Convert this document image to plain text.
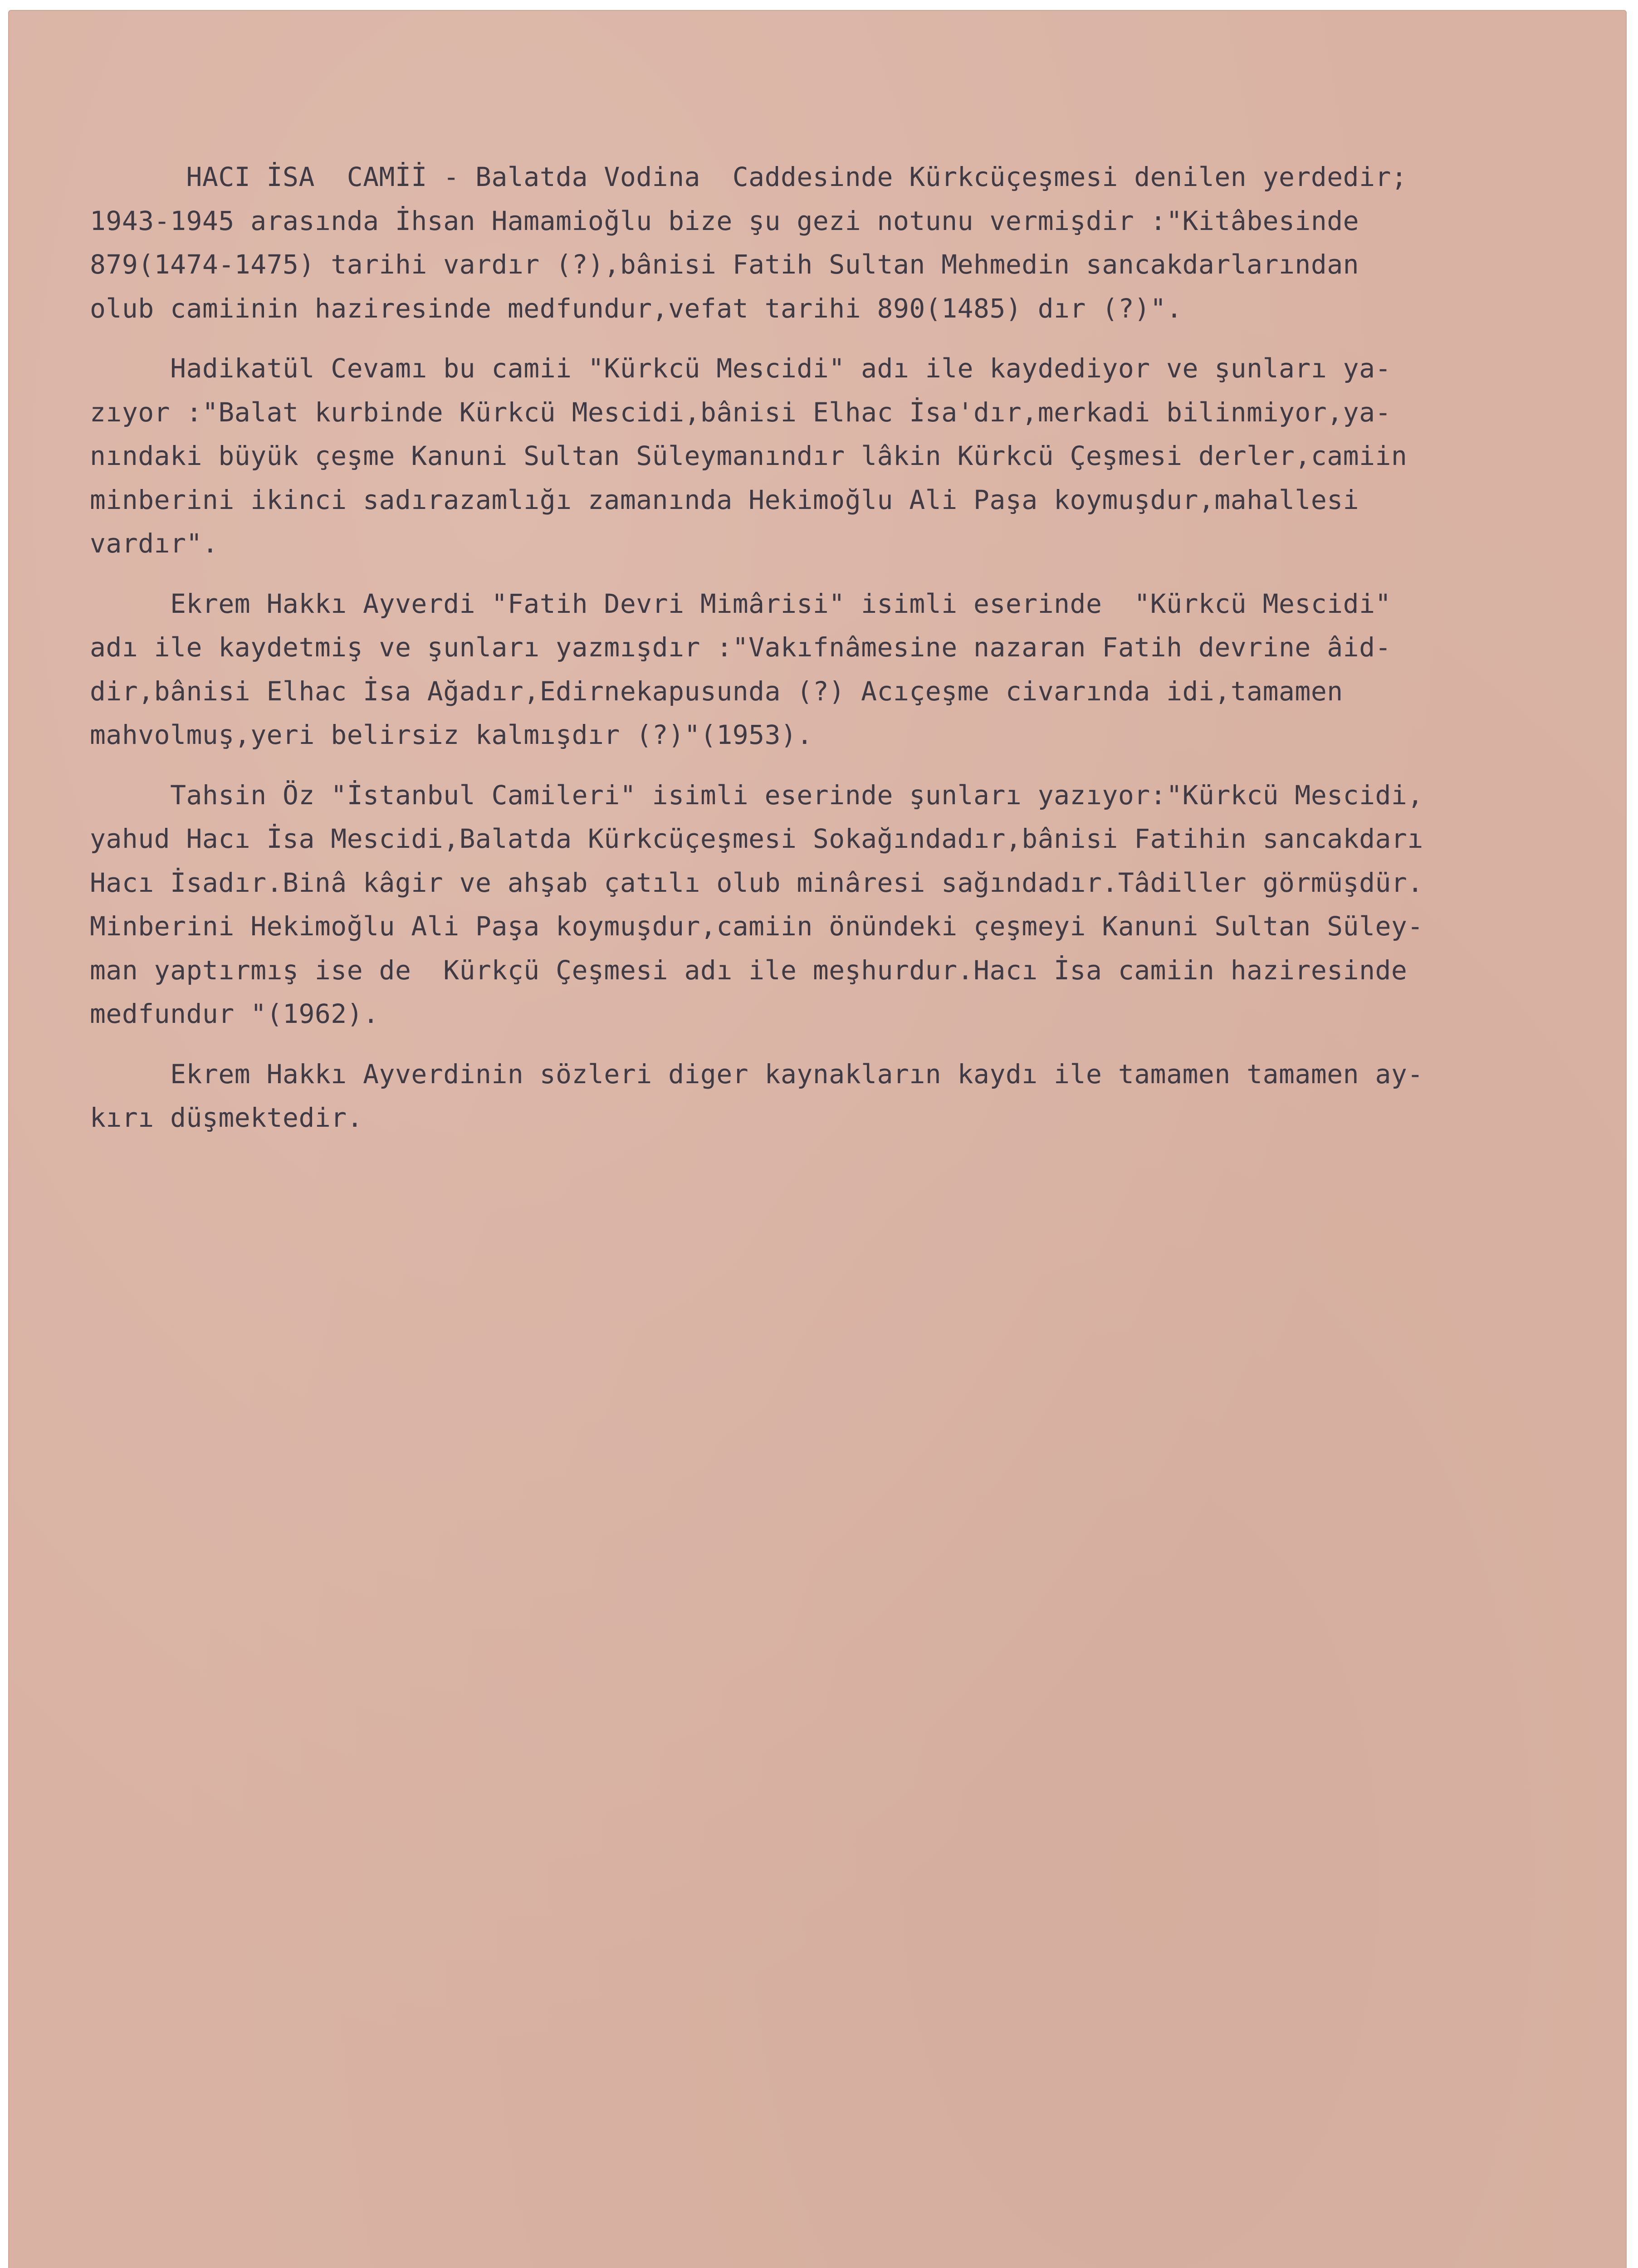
HACI İSA  CAMİİ - Balatda Vodina  Caddesinde Kürkcüçeşmesi denilen yerdedir;
1943-1945 arasında İhsan Hamamioğlu bize şu gezi notunu vermişdir :"Kitâbesinde
879(1474-1475) tarihi vardır (?),bânisi Fatih Sultan Mehmedin sancakdarlarından
olub camiinin haziresinde medfundur,vefat tarihi 890(1485) dır (?)".
Hadikatül Cevamı bu camii "Kürkcü Mescidi" adı ile kaydediyor ve şunları ya-
zıyor :"Balat kurbinde Kürkcü Mescidi,bânisi Elhac İsa'dır,merkadi bilinmiyor,ya-
nındaki büyük çeşme Kanuni Sultan Süleymanındır lâkin Kürkcü Çeşmesi derler,camiin
minberini ikinci sadırazamlığı zamanında Hekimoğlu Ali Paşa koymuşdur,mahallesi
vardır".
Ekrem Hakkı Ayverdi "Fatih Devri Mimârisi" isimli eserinde  "Kürkcü Mescidi"
adı ile kaydetmiş ve şunları yazmışdır :"Vakıfnâmesine nazaran Fatih devrine âid-
dir,bânisi Elhac İsa Ağadır,Edirnekapusunda (?) Acıçeşme civarında idi,tamamen
mahvolmuş,yeri belirsiz kalmışdır (?)"(1953).
Tahsin Öz "İstanbul Camileri" isimli eserinde şunları yazıyor:"Kürkcü Mescidi,
yahud Hacı İsa Mescidi,Balatda Kürkcüçeşmesi Sokağındadır,bânisi Fatihin sancakdarı
Hacı İsadır.Binâ kâgir ve ahşab çatılı olub minâresi sağındadır.Tâdiller görmüşdür.
Minberini Hekimoğlu Ali Paşa koymuşdur,camiin önündeki çeşmeyi Kanuni Sultan Süley-
man yaptırmış ise de  Kürkçü Çeşmesi adı ile meşhurdur.Hacı İsa camiin haziresinde
medfundur "(1962).
Ekrem Hakkı Ayverdinin sözleri diger kaynakların kaydı ile tamamen tamamen ay-
kırı düşmektedir.
